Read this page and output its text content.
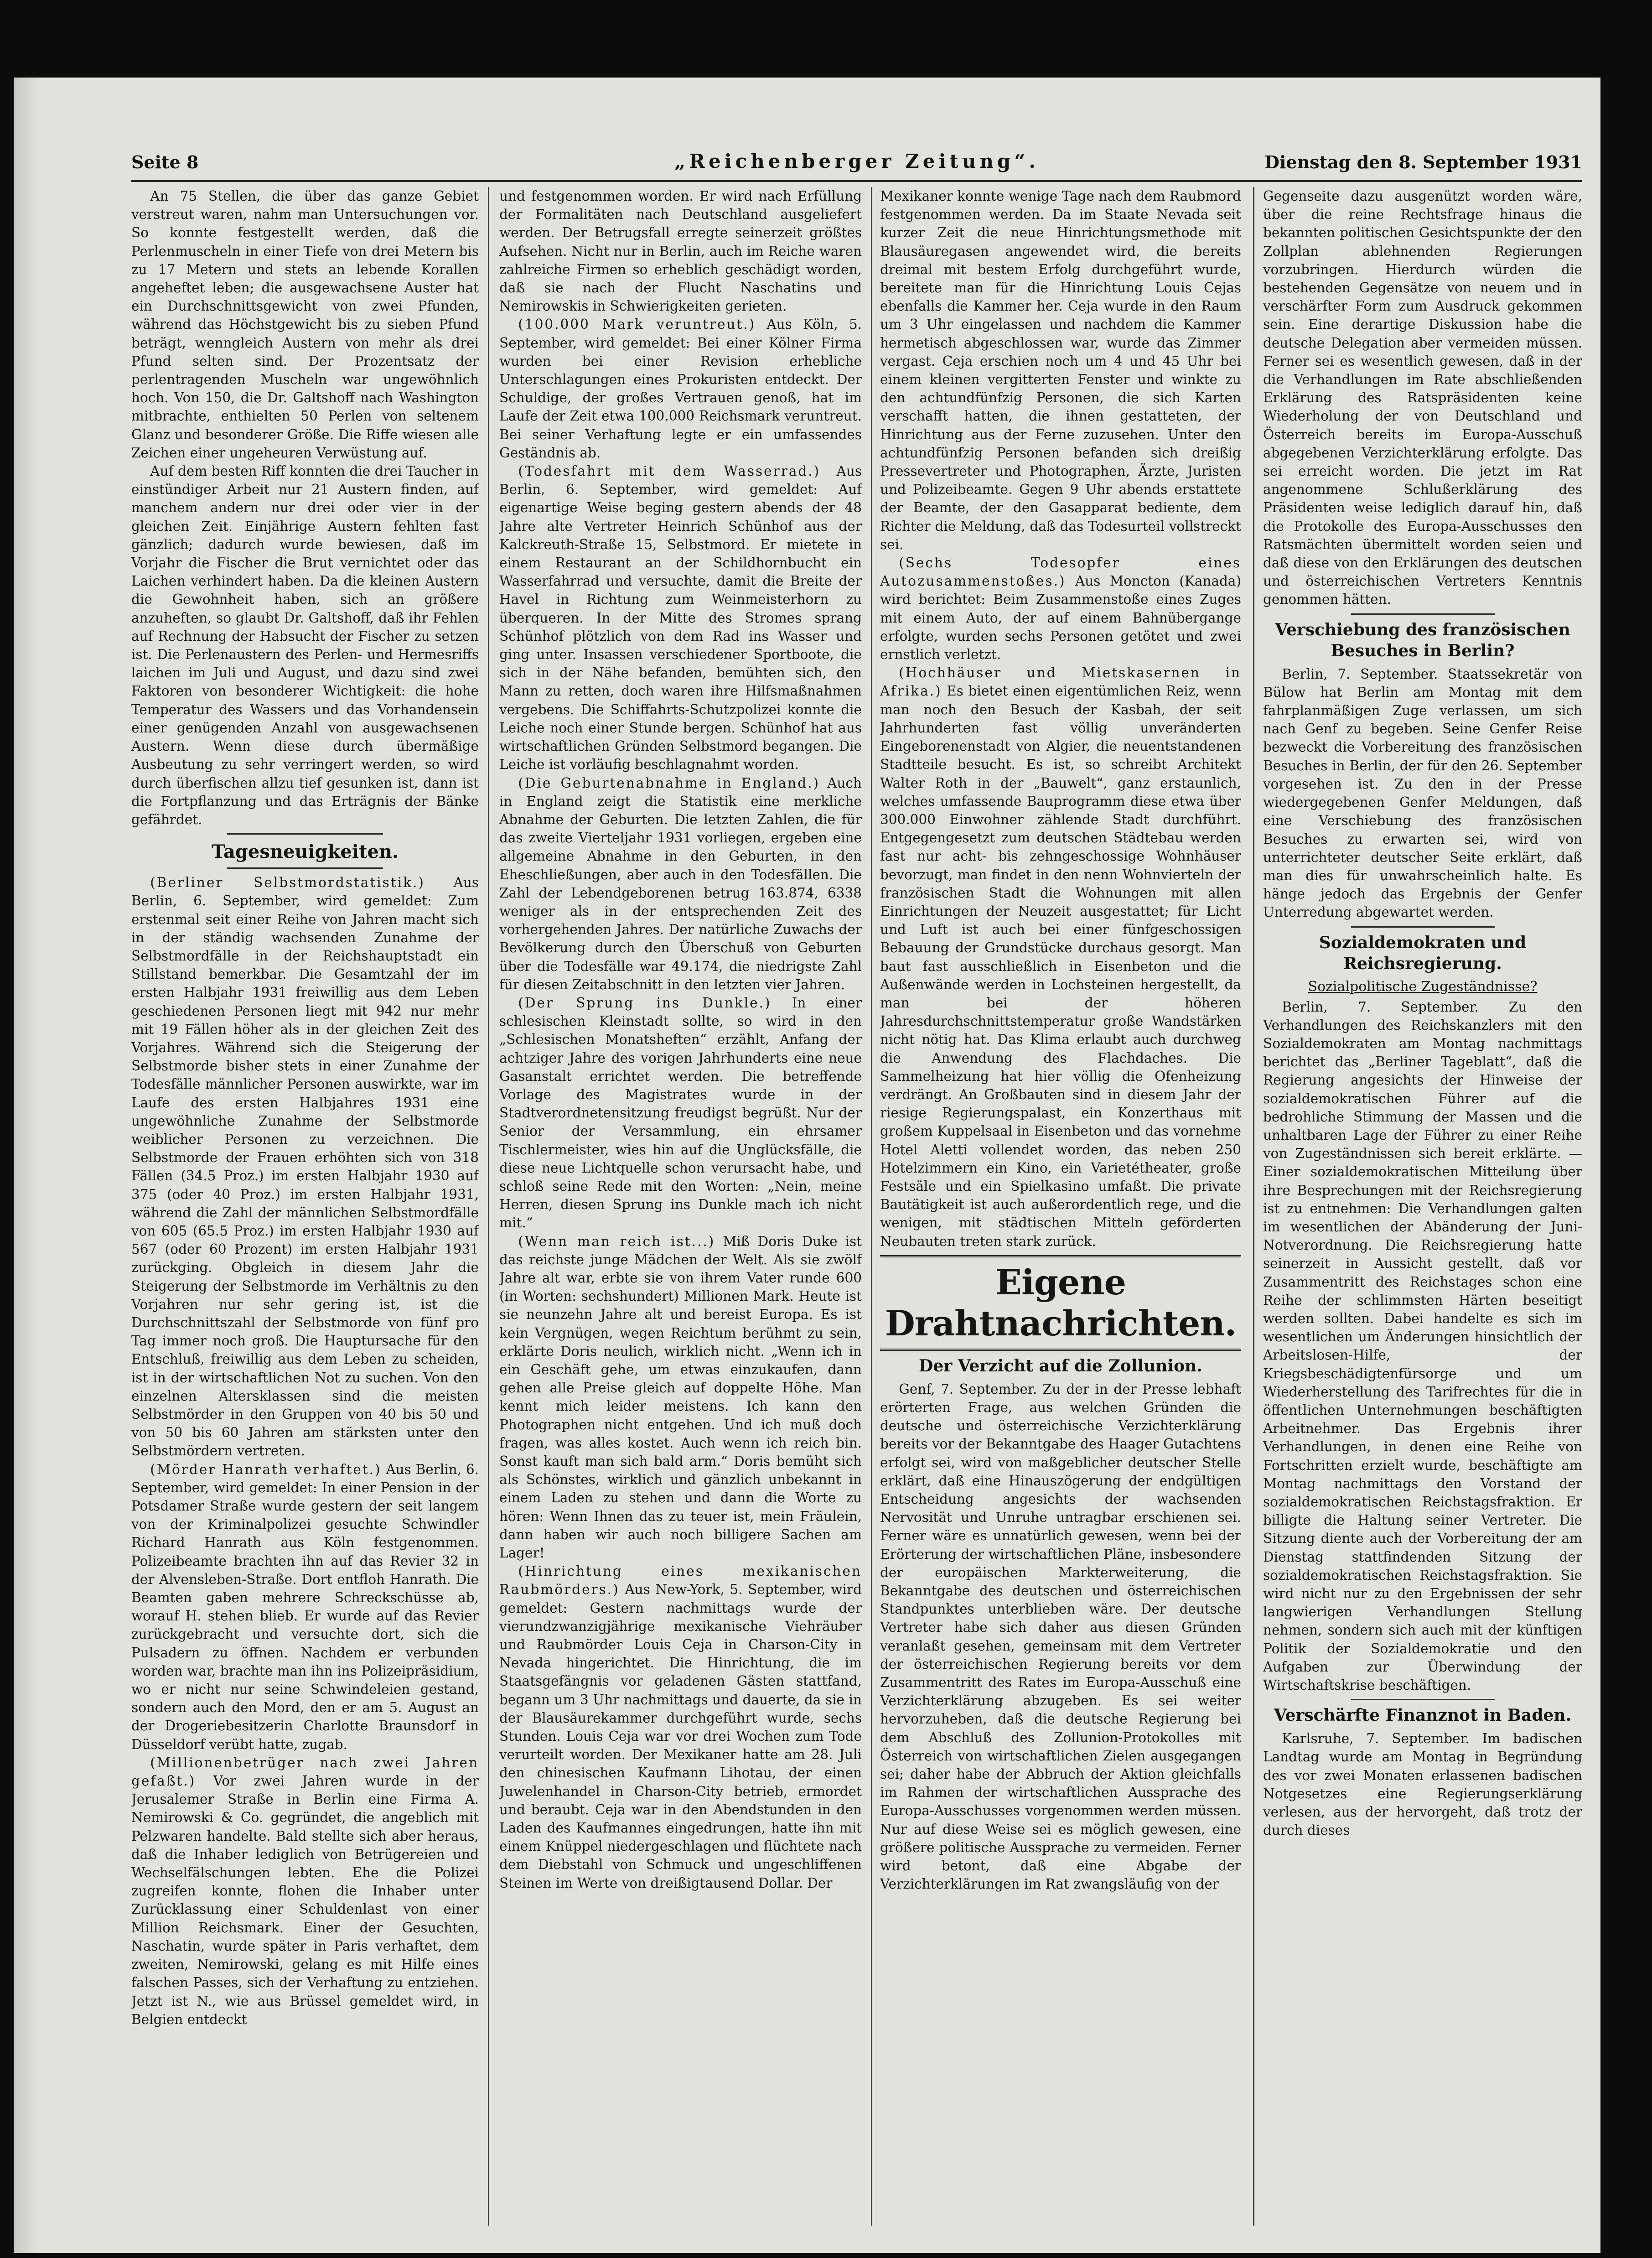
Seite 8	„Reichenberger Zeitung“.	Dienstag den 8. September 1931

An 75 Stellen, die über das ganze Gebiet verstreut waren, nahm man Untersuchungen vor. So konnte festgestellt werden, daß die Perlenmuscheln in einer Tiefe von drei Metern bis zu 17 Metern und stets an lebende Korallen angeheftet leben; die ausgewachsene Auster hat ein Durchschnittsgewicht von zwei Pfunden, während das Höchstgewicht bis zu sieben Pfund beträgt, wenngleich Austern von mehr als drei Pfund selten sind. Der Prozentsatz der perlentragenden Muscheln war ungewöhnlich hoch. Von 150, die Dr. Galtshoff nach Washington mitbrachte, enthielten 50 Perlen von seltenem Glanz und besonderer Größe. Die Riffe wiesen alle Zeichen einer ungeheuren Verwüstung auf.

Auf dem besten Riff konnten die drei Taucher in einstündiger Arbeit nur 21 Austern finden, auf manchem andern nur drei oder vier in der gleichen Zeit. Einjährige Austern fehlten fast gänzlich; dadurch wurde bewiesen, daß im Vorjahr die Fischer die Brut vernichtet oder das Laichen verhindert haben. Da die kleinen Austern die Gewohnheit haben, sich an größere anzuheften, so glaubt Dr. Galtshoff, daß ihr Fehlen auf Rechnung der Habsucht der Fischer zu setzen ist. Die Perlenaustern des Perlen- und Hermesriffs laichen im Juli und August, und dazu sind zwei Faktoren von besonderer Wichtigkeit: die hohe Temperatur des Wassers und das Vorhandensein einer genügenden Anzahl von ausgewachsenen Austern. Wenn diese durch übermäßige Ausbeutung zu sehr verringert werden, so wird durch überfischen allzu tief gesunken ist, dann ist die Fortpflanzung und das Erträgnis der Bänke gefährdet.

Tagesneuigkeiten.

(Berliner Selbstmordstatistik.) Aus Berlin, 6. September, wird gemeldet: Zum erstenmal seit einer Reihe von Jahren macht sich in der ständig wachsenden Zunahme der Selbstmordfälle in der Reichshauptstadt ein Stillstand bemerkbar. Die Gesamtzahl der im ersten Halbjahr 1931 freiwillig aus dem Leben geschiedenen Personen liegt mit 942 nur mehr mit 19 Fällen höher als in der gleichen Zeit des Vorjahres. Während sich die Steigerung der Selbstmorde bisher stets in einer Zunahme der Todesfälle männlicher Personen auswirkte, war im Laufe des ersten Halbjahres 1931 eine ungewöhnliche Zunahme der Selbstmorde weiblicher Personen zu verzeichnen. Die Selbstmorde der Frauen erhöhten sich von 318 Fällen (34.5 Proz.) im ersten Halbjahr 1930 auf 375 (oder 40 Proz.) im ersten Halbjahr 1931, während die Zahl der männlichen Selbstmordfälle von 605 (65.5 Proz.) im ersten Halbjahr 1930 auf 567 (oder 60 Prozent) im ersten Halbjahr 1931 zurückging. Obgleich in diesem Jahr die Steigerung der Selbstmorde im Verhältnis zu den Vorjahren nur sehr gering ist, ist die Durchschnittszahl der Selbstmorde von fünf pro Tag immer noch groß. Die Hauptursache für den Entschluß, freiwillig aus dem Leben zu scheiden, ist in der wirtschaftlichen Not zu suchen. Von den einzelnen Altersklassen sind die meisten Selbstmörder in den Gruppen von 40 bis 50 und von 50 bis 60 Jahren am stärksten unter den Selbstmördern vertreten.

(Mörder Hanrath verhaftet.) Aus Berlin, 6. September, wird gemeldet: In einer Pension in der Potsdamer Straße wurde gestern der seit langem von der Kriminalpolizei gesuchte Schwindler Richard Hanrath aus Köln festgenommen. Polizeibeamte brachten ihn auf das Revier 32 in der Alvensleben-Straße. Dort entfloh Hanrath. Die Beamten gaben mehrere Schreckschüsse ab, worauf H. stehen blieb. Er wurde auf das Revier zurückgebracht und versuchte dort, sich die Pulsadern zu öffnen. Nachdem er verbunden worden war, brachte man ihn ins Polizeipräsidium, wo er nicht nur seine Schwindeleien gestand, sondern auch den Mord, den er am 5. August an der Drogeriebesitzerin Charlotte Braunsdorf in Düsseldorf verübt hatte, zugab.

(Millionenbetrüger nach zwei Jahren gefaßt.) Vor zwei Jahren wurde in der Jerusalemer Straße in Berlin eine Firma A. Nemirowski & Co. gegründet, die angeblich mit Pelzwaren handelte. Bald stellte sich aber heraus, daß die Inhaber lediglich von Betrügereien und Wechselfälschungen lebten. Ehe die Polizei zugreifen konnte, flohen die Inhaber unter Zurücklassung einer Schuldenlast von einer Million Reichsmark. Einer der Gesuchten, Naschatin, wurde später in Paris verhaftet, dem zweiten, Nemirowski, gelang es mit Hilfe eines falschen Passes, sich der Verhaftung zu entziehen. Jetzt ist N., wie aus Brüssel gemeldet wird, in Belgien entdeckt

und festgenommen worden. Er wird nach Erfüllung der Formalitäten nach Deutschland ausgeliefert werden. Der Betrugsfall erregte seinerzeit größtes Aufsehen. Nicht nur in Berlin, auch im Reiche waren zahlreiche Firmen so erheblich geschädigt worden, daß sie nach der Flucht Naschatins und Nemirowskis in Schwierigkeiten gerieten.

(100.000 Mark veruntreut.) Aus Köln, 5. September, wird gemeldet: Bei einer Kölner Firma wurden bei einer Revision erhebliche Unterschlagungen eines Prokuristen entdeckt. Der Schuldige, der großes Vertrauen genoß, hat im Laufe der Zeit etwa 100.000 Reichsmark veruntreut. Bei seiner Verhaftung legte er ein umfassendes Geständnis ab.

(Todesfahrt mit dem Wasserrad.) Aus Berlin, 6. September, wird gemeldet: Auf eigenartige Weise beging gestern abends der 48 Jahre alte Vertreter Heinrich Schünhof aus der Kalckreuth-Straße 15, Selbstmord. Er mietete in einem Restaurant an der Schildhornbucht ein Wasserfahrrad und versuchte, damit die Breite der Havel in Richtung zum Weinmeisterhorn zu überqueren. In der Mitte des Stromes sprang Schünhof plötzlich von dem Rad ins Wasser und ging unter. Insassen verschiedener Sportboote, die sich in der Nähe befanden, bemühten sich, den Mann zu retten, doch waren ihre Hilfsmaßnahmen vergebens. Die Schiffahrts-Schutzpolizei konnte die Leiche noch einer Stunde bergen. Schünhof hat aus wirtschaftlichen Gründen Selbstmord begangen. Die Leiche ist vorläufig beschlagnahmt worden.

(Die Geburtenabnahme in England.) Auch in England zeigt die Statistik eine merkliche Abnahme der Geburten. Die letzten Zahlen, die für das zweite Vierteljahr 1931 vorliegen, ergeben eine allgemeine Abnahme in den Geburten, in den Eheschließungen, aber auch in den Todesfällen. Die Zahl der Lebendgeborenen betrug 163.874, 6338 weniger als in der entsprechenden Zeit des vorhergehenden Jahres. Der natürliche Zuwachs der Bevölkerung durch den Überschuß von Geburten über die Todesfälle war 49.174, die niedrigste Zahl für diesen Zeitabschnitt in den letzten vier Jahren.

(Der Sprung ins Dunkle.) In einer schlesischen Kleinstadt sollte, so wird in den „Schlesischen Monatsheften“ erzählt, Anfang der achtziger Jahre des vorigen Jahrhunderts eine neue Gasanstalt errichtet werden. Die betreffende Vorlage des Magistrates wurde in der Stadtverordnetensitzung freudigst begrüßt. Nur der Senior der Versammlung, ein ehrsamer Tischlermeister, wies hin auf die Unglücksfälle, die diese neue Lichtquelle schon verursacht habe, und schloß seine Rede mit den Worten: „Nein, meine Herren, diesen Sprung ins Dunkle mach ich nicht mit.“

(Wenn man reich ist...) Miß Doris Duke ist das reichste junge Mädchen der Welt. Als sie zwölf Jahre alt war, erbte sie von ihrem Vater runde 600 (in Worten: sechshundert) Millionen Mark. Heute ist sie neunzehn Jahre alt und bereist Europa. Es ist kein Vergnügen, wegen Reichtum berühmt zu sein, erklärte Doris neulich, wirklich nicht. „Wenn ich in ein Geschäft gehe, um etwas einzukaufen, dann gehen alle Preise gleich auf doppelte Höhe. Man kennt mich leider meistens. Ich kann den Photographen nicht entgehen. Und ich muß doch fragen, was alles kostet. Auch wenn ich reich bin. Sonst kauft man sich bald arm.“ Doris bemüht sich als Schönstes, wirklich und gänzlich unbekannt in einem Laden zu stehen und dann die Worte zu hören: Wenn Ihnen das zu teuer ist, mein Fräulein, dann haben wir auch noch billigere Sachen am Lager!

(Hinrichtung eines mexikanischen Raubmörders.) Aus New-York, 5. September, wird gemeldet: Gestern nachmittags wurde der vierundzwanzigjährige mexikanische Viehräuber und Raubmörder Louis Ceja in Charson-City in Nevada hingerichtet. Die Hinrichtung, die im Staatsgefängnis vor geladenen Gästen stattfand, begann um 3 Uhr nachmittags und dauerte, da sie in der Blausäurekammer durchgeführt wurde, sechs Stunden. Louis Ceja war vor drei Wochen zum Tode verurteilt worden. Der Mexikaner hatte am 28. Juli den chinesischen Kaufmann Lihotau, der einen Juwelenhandel in Charson-City betrieb, ermordet und beraubt. Ceja war in den Abendstunden in den Laden des Kaufmannes eingedrungen, hatte ihn mit einem Knüppel niedergeschlagen und flüchtete nach dem Diebstahl von Schmuck und ungeschliffenen Steinen im Werte von dreißigtausend Dollar. Der

Mexikaner konnte wenige Tage nach dem Raubmord festgenommen werden. Da im Staate Nevada seit kurzer Zeit die neue Hinrichtungsmethode mit Blausäuregasen angewendet wird, die bereits dreimal mit bestem Erfolg durchgeführt wurde, bereitete man für die Hinrichtung Louis Cejas ebenfalls die Kammer her. Ceja wurde in den Raum um 3 Uhr eingelassen und nachdem die Kammer hermetisch abgeschlossen war, wurde das Zimmer vergast. Ceja erschien noch um 4 und 45 Uhr bei einem kleinen vergitterten Fenster und winkte zu den achtundfünfzig Personen, die sich Karten verschafft hatten, die ihnen gestatteten, der Hinrichtung aus der Ferne zuzusehen. Unter den achtundfünfzig Personen befanden sich dreißig Pressevertreter und Photographen, Ärzte, Juristen und Polizeibeamte. Gegen 9 Uhr abends erstattete der Beamte, der den Gasapparat bediente, dem Richter die Meldung, daß das Todesurteil vollstreckt sei.

(Sechs Todesopfer eines Autozusammenstoßes.) Aus Moncton (Kanada) wird berichtet: Beim Zusammenstoße eines Zuges mit einem Auto, der auf einem Bahnübergange erfolgte, wurden sechs Personen getötet und zwei ernstlich verletzt.

(Hochhäuser und Mietskasernen in Afrika.) Es bietet einen eigentümlichen Reiz, wenn man noch den Besuch der Kasbah, der seit Jahrhunderten fast völlig unveränderten Eingeborenenstadt von Algier, die neuentstandenen Stadtteile besucht. Es ist, so schreibt Architekt Walter Roth in der „Bauwelt“, ganz erstaunlich, welches umfassende Bauprogramm diese etwa über 300.000 Einwohner zählende Stadt durchführt. Entgegengesetzt zum deutschen Städtebau werden fast nur acht- bis zehngeschossige Wohnhäuser bevorzugt, man findet in den nenn Wohnvierteln der französischen Stadt die Wohnungen mit allen Einrichtungen der Neuzeit ausgestattet; für Licht und Luft ist auch bei einer fünfgeschossigen Bebauung der Grundstücke durchaus gesorgt. Man baut fast ausschließlich in Eisenbeton und die Außenwände werden in Lochsteinen hergestellt, da man bei der höheren Jahresdurchschnittstemperatur große Wandstärken nicht nötig hat. Das Klima erlaubt auch durchweg die Anwendung des Flachdaches. Die Sammelheizung hat hier völlig die Ofenheizung verdrängt. An Großbauten sind in diesem Jahr der riesige Regierungspalast, ein Konzerthaus mit großem Kuppelsaal in Eisenbeton und das vornehme Hotel Aletti vollendet worden, das neben 250 Hotelzimmern ein Kino, ein Varietétheater, große Festsäle und ein Spielkasino umfaßt. Die private Bautätigkeit ist auch außerordentlich rege, und die wenigen, mit städtischen Mitteln geförderten Neubauten treten stark zurück.

Eigene Drahtnachrichten.
Der Verzicht auf die Zollunion.

Genf, 7. September. Zu der in der Presse lebhaft erörterten Frage, aus welchen Gründen die deutsche und österreichische Verzichterklärung bereits vor der Bekanntgabe des Haager Gutachtens erfolgt sei, wird von maßgeblicher deutscher Stelle erklärt, daß eine Hinauszögerung der endgültigen Entscheidung angesichts der wachsenden Nervosität und Unruhe untragbar erschienen sei. Ferner wäre es unnatürlich gewesen, wenn bei der Erörterung der wirtschaftlichen Pläne, insbesondere der europäischen Markterweiterung, die Bekanntgabe des deutschen und österreichischen Standpunktes unterblieben wäre. Der deutsche Vertreter habe sich daher aus diesen Gründen veranlaßt gesehen, gemeinsam mit dem Vertreter der österreichischen Regierung bereits vor dem Zusammentritt des Rates im Europa-Ausschuß eine Verzichterklärung abzugeben. Es sei weiter hervorzuheben, daß die deutsche Regierung bei dem Abschluß des Zollunion-Protokolles mit Österreich von wirtschaftlichen Zielen ausgegangen sei; daher habe der Abbruch der Aktion gleichfalls im Rahmen der wirtschaftlichen Aussprache des Europa-Ausschusses vorgenommen werden müssen. Nur auf diese Weise sei es möglich gewesen, eine größere politische Aussprache zu vermeiden. Ferner wird betont, daß eine Abgabe der Verzichterklärungen im Rat zwangsläufig von der

Gegenseite dazu ausgenützt worden wäre, über die reine Rechtsfrage hinaus die bekannten politischen Gesichtspunkte der den Zollplan ablehnenden Regierungen vorzubringen. Hierdurch würden die bestehenden Gegensätze von neuem und in verschärfter Form zum Ausdruck gekommen sein. Eine derartige Diskussion habe die deutsche Delegation aber vermeiden müssen. Ferner sei es wesentlich gewesen, daß in der die Verhandlungen im Rate abschließenden Erklärung des Ratspräsidenten keine Wiederholung der von Deutschland und Österreich bereits im Europa-Ausschuß abgegebenen Verzichterklärung erfolgte. Das sei erreicht worden. Die jetzt im Rat angenommene Schlußerklärung des Präsidenten weise lediglich darauf hin, daß die Protokolle des Europa-Ausschusses den Ratsmächten übermittelt worden seien und daß diese von den Erklärungen des deutschen und österreichischen Vertreters Kenntnis genommen hätten.

Verschiebung des französischen Besuches in Berlin?

Berlin, 7. September. Staatssekretär von Bülow hat Berlin am Montag mit dem fahrplanmäßigen Zuge verlassen, um sich nach Genf zu begeben. Seine Genfer Reise bezweckt die Vorbereitung des französischen Besuches in Berlin, der für den 26. September vorgesehen ist. Zu den in der Presse wiedergegebenen Genfer Meldungen, daß eine Verschiebung des französischen Besuches zu erwarten sei, wird von unterrichteter deutscher Seite erklärt, daß man dies für unwahrscheinlich halte. Es hänge jedoch das Ergebnis der Genfer Unterredung abgewartet werden.

Sozialdemokraten und Reichsregierung.
Sozialpolitische Zugeständnisse?

Berlin, 7. September. Zu den Verhandlungen des Reichskanzlers mit den Sozialdemokraten am Montag nachmittags berichtet das „Berliner Tageblatt“, daß die Regierung angesichts der Hinweise der sozialdemokratischen Führer auf die bedrohliche Stimmung der Massen und die unhaltbaren Lage der Führer zu einer Reihe von Zugeständnissen sich bereit erklärte. — Einer sozialdemokratischen Mitteilung über ihre Besprechungen mit der Reichsregierung ist zu entnehmen: Die Verhandlungen galten im wesentlichen der Abänderung der Juni-Notverordnung. Die Reichsregierung hatte seinerzeit in Aussicht gestellt, daß vor Zusammentritt des Reichstages schon eine Reihe der schlimmsten Härten beseitigt werden sollten. Dabei handelte es sich im wesentlichen um Änderungen hinsichtlich der Arbeitslosen-Hilfe, der Kriegsbeschädigtenfürsorge und um Wiederherstellung des Tarifrechtes für die in öffentlichen Unternehmungen beschäftigten Arbeitnehmer. Das Ergebnis ihrer Verhandlungen, in denen eine Reihe von Fortschritten erzielt wurde, beschäftigte am Montag nachmittags den Vorstand der sozialdemokratischen Reichstagsfraktion. Er billigte die Haltung seiner Vertreter. Die Sitzung diente auch der Vorbereitung der am Dienstag stattfindenden Sitzung der sozialdemokratischen Reichstagsfraktion. Sie wird nicht nur zu den Ergebnissen der sehr langwierigen Verhandlungen Stellung nehmen, sondern sich auch mit der künftigen Politik der Sozialdemokratie und den Aufgaben zur Überwindung der Wirtschaftskrise beschäftigen.

Verschärfte Finanznot in Baden.

Karlsruhe, 7. September. Im badischen Landtag wurde am Montag in Begründung des vor zwei Monaten erlassenen badischen Notgesetzes eine Regierungserklärung verlesen, aus der hervorgeht, daß trotz der durch dieses
